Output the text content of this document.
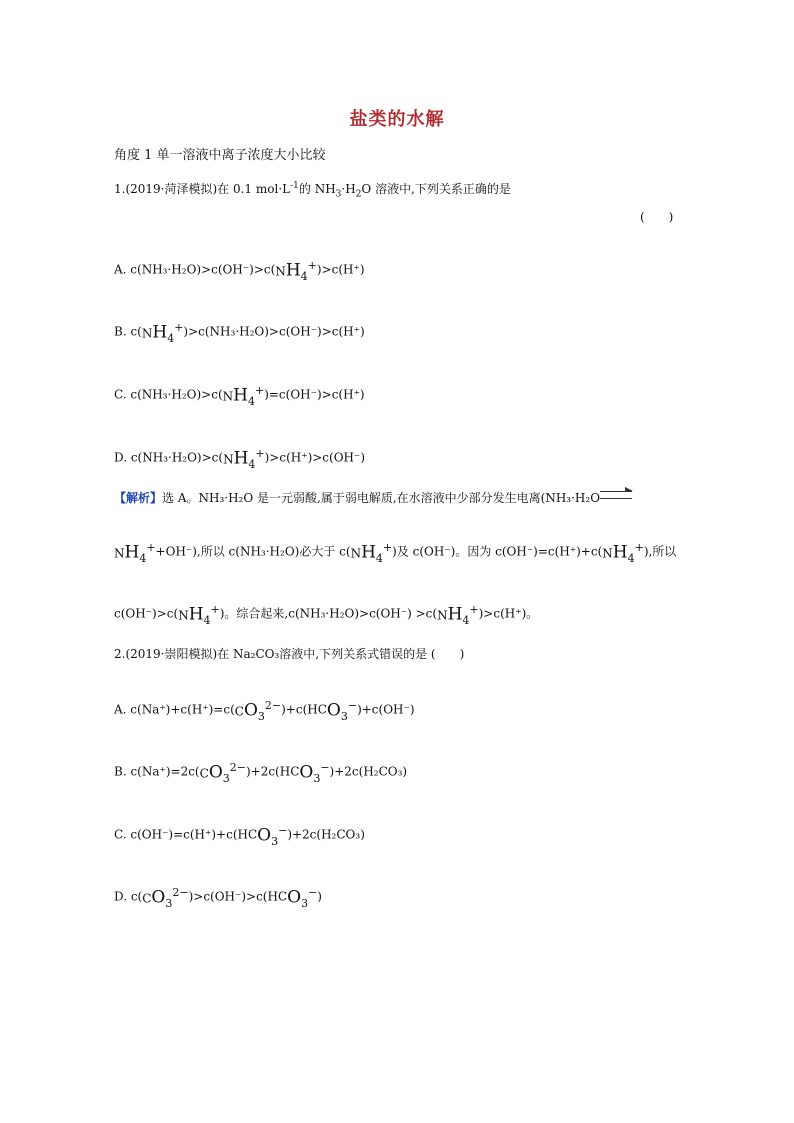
盐类的水解
角度 1 单一溶液中离子浓度大小比较
1.(2019·菏泽模拟)在 0.1 $mol\cdot L^{-1}$的 $NH_3\cdot H_2O$ 溶液中,下列关系正确的是
(　　)
A. $c(NH_3\cdot H_2O)>c(OH^-)>c(NH_4^+)>c(H^+)$
B. $c(NH_4^+)>c(NH_3\cdot H_2O)>c(OH^-)>c(H^+)$
C. $c(NH_3\cdot H_2O)>c(NH_4^+)=c(OH^-)>c(H^+)$
D. $c(NH_3\cdot H_2O)>c(NH_4^+)>c(H^+)>c(OH^-)$
【解析】选 A。NH₃·H₂O 是一元弱酸,属于弱电解质,在水溶液中少部分发生电离(NH₃·H₂O→
$NH_4^++OH^-$),所以 c(NH₃·H₂O)必大于 $c(NH_4^+)$及 c(OH⁻)。因为 $c(OH^-)=c(H^+)+c(NH_4^+)$,所以
$c(OH^-)>c(NH_4^+)$。综合起来$,c(NH_3\cdot H_2O)>c(OH^-) >c(NH_4^+)>c(H^+)$。
2.(2019·崇阳模拟)在 Na₂CO₃溶液中,下列关系式错误的是 (　　)
A. $c(Na^+)+c(H^+)=c(CO_3^{2-})+c(HCO_3^-)+c(OH^-)$
B. $c(Na^+)=2c(CO_3^{2-})+2c(HCO_3^-)+2c(H_2CO_3)$
C. $c(OH^-)=c(H^+)+c(HCO_3^-)+2c(H_2CO_3)$
D. $c(CO_3^{2-})>c(OH^-)>c(HCO_3^-)$
